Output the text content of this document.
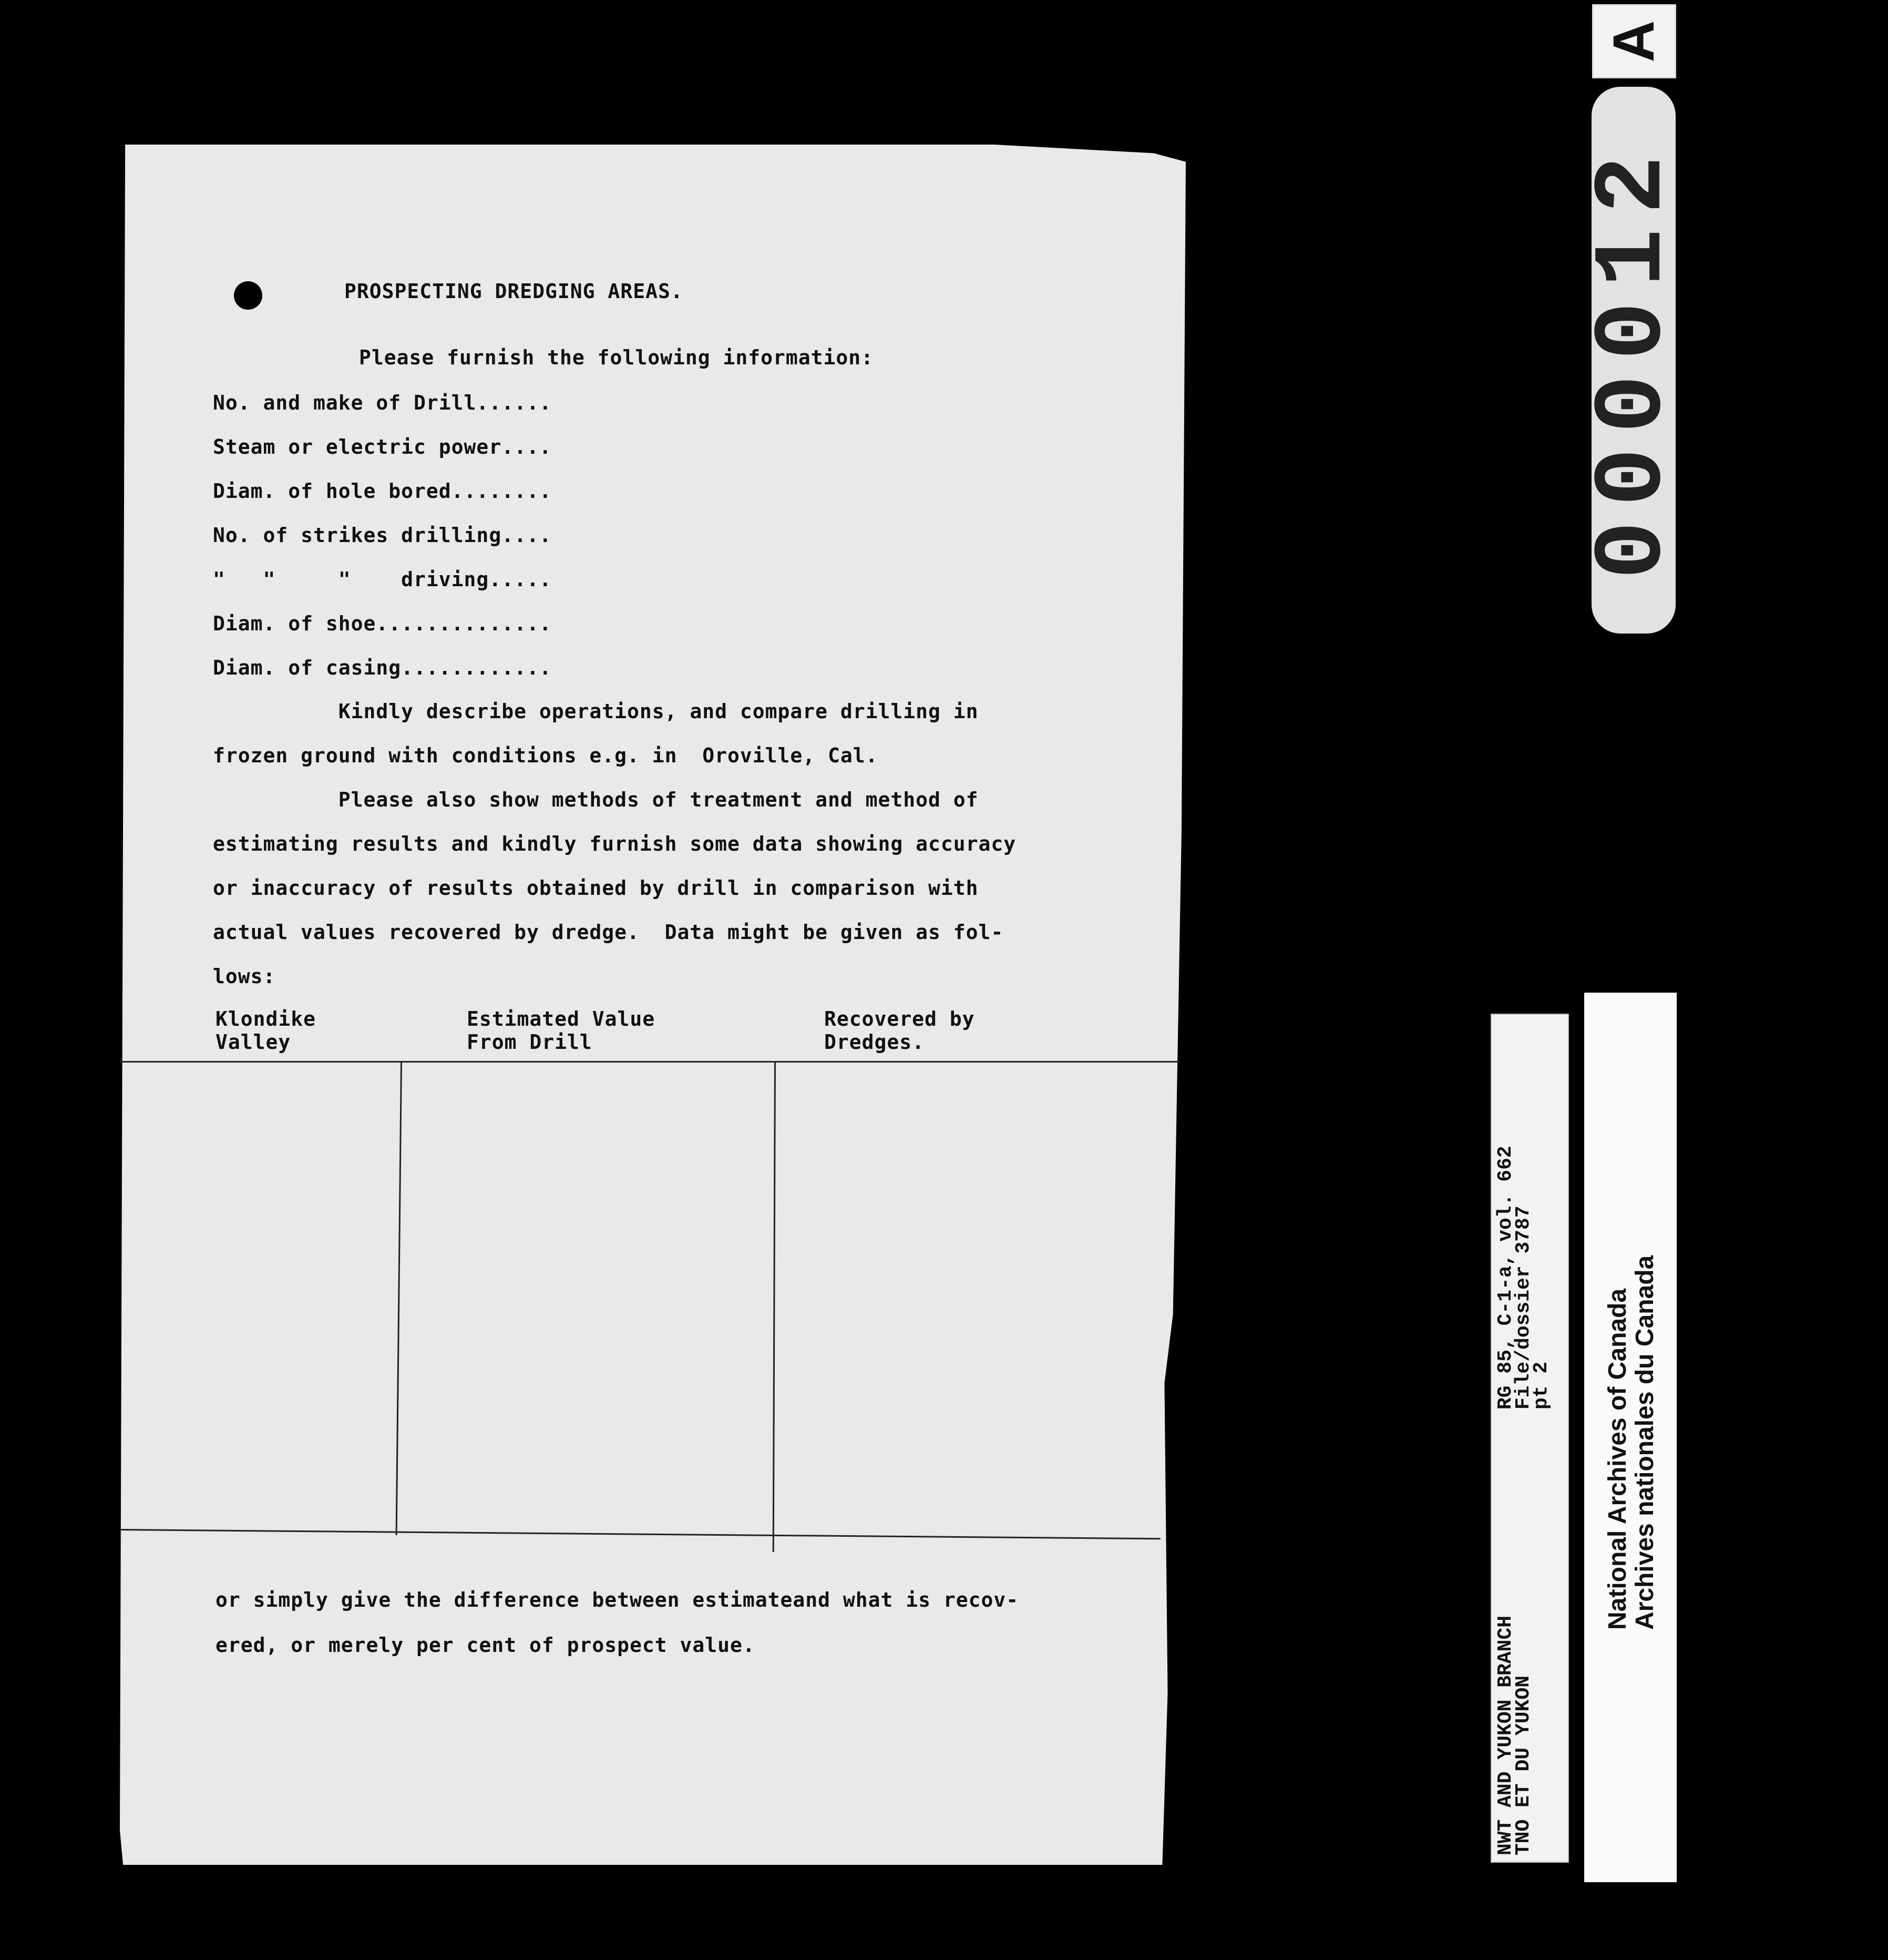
PROSPECTING DREDGING AREAS.
Please furnish the following information:
No. and make of Drill......
Steam or electric power....
Diam. of hole bored........
No. of strikes drilling....
"   "     "    driving.....
Diam. of shoe..............
Diam. of casing............
Kindly describe operations, and compare drilling in
frozen ground with conditions e.g. in  Oroville, Cal.
Please also show methods of treatment and method of
estimating results and kindly furnish some data showing accuracy
or inaccuracy of results obtained by drill in comparison with
actual values recovered by dredge.  Data might be given as fol-
lows:
Klondike
Valley
Estimated Value
From Drill
Recovered by
Dredges.
or simply give the difference between estimateand what is recov-
ered, or merely per cent of prospect value.
A
000012
NWT AND YUKON BRANCH
TNO ET DU YUKON
RG 85, C-1-a, vol. 662
File/dossier 3787
pt 2 National Archives of Canada Archives nationales du Canada
